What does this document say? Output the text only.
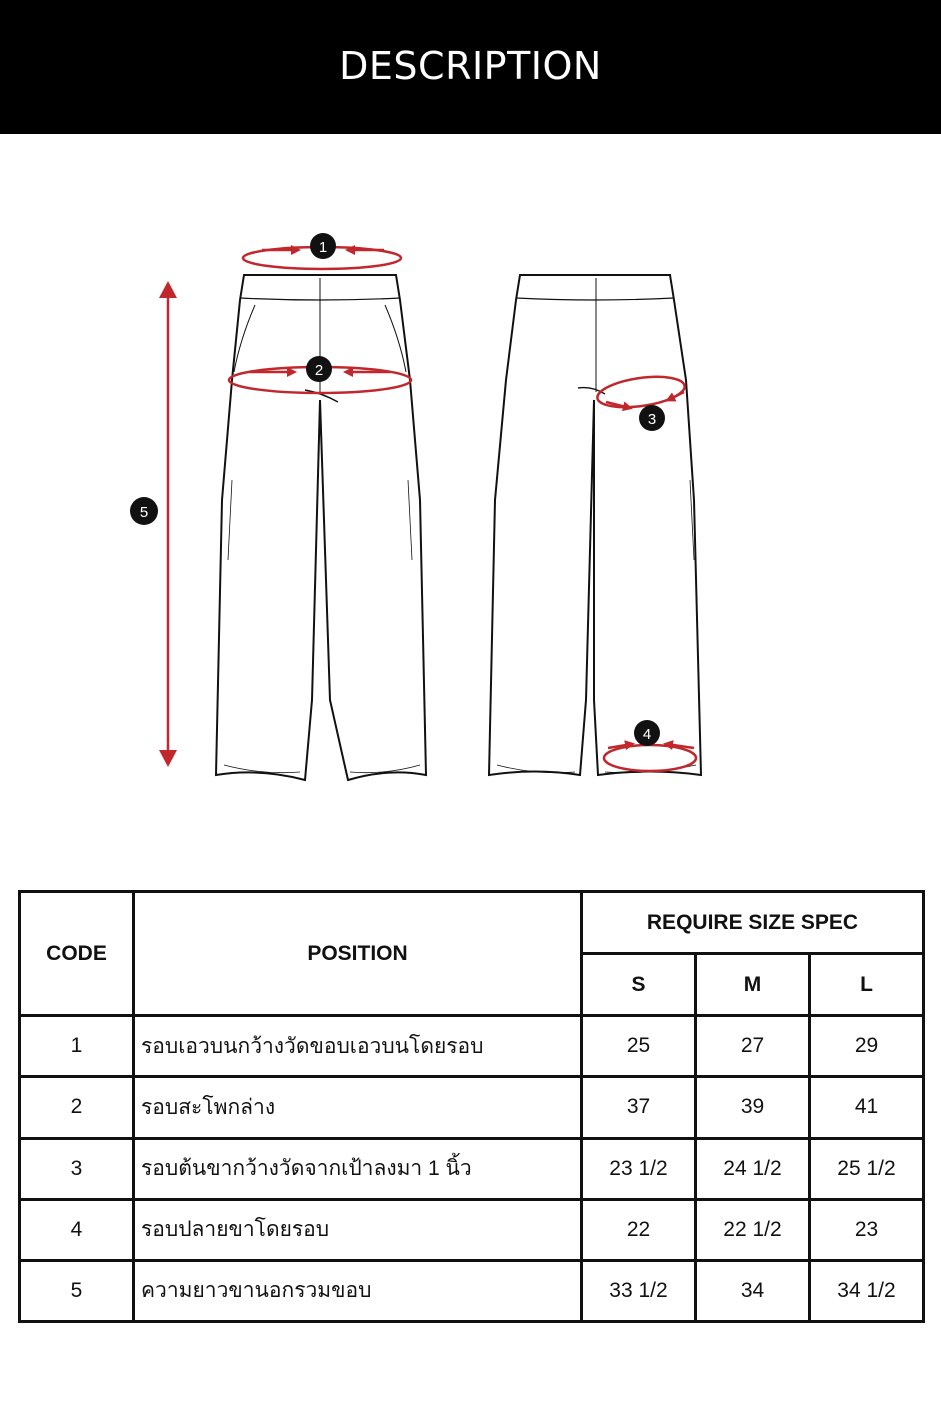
DESCRIPTION
1
2
3
4
5
CODE	POSITION	REQUIRE SIZE SPEC		
		S	M	L
1	รอบเอวบนกว้างวัดขอบเอวบนโดยรอบ	25	27	29
2	รอบสะโพกล่าง	37	39	41
3	รอบต้นขากว้างวัดจากเป้าลงมา 1 นิ้ว	23 1/2	24 1/2	25 1/2
4	รอบปลายขาโดยรอบ	22	22 1/2	23
5	ความยาวขานอกรวมขอบ	33 1/2	34	34 1/2
